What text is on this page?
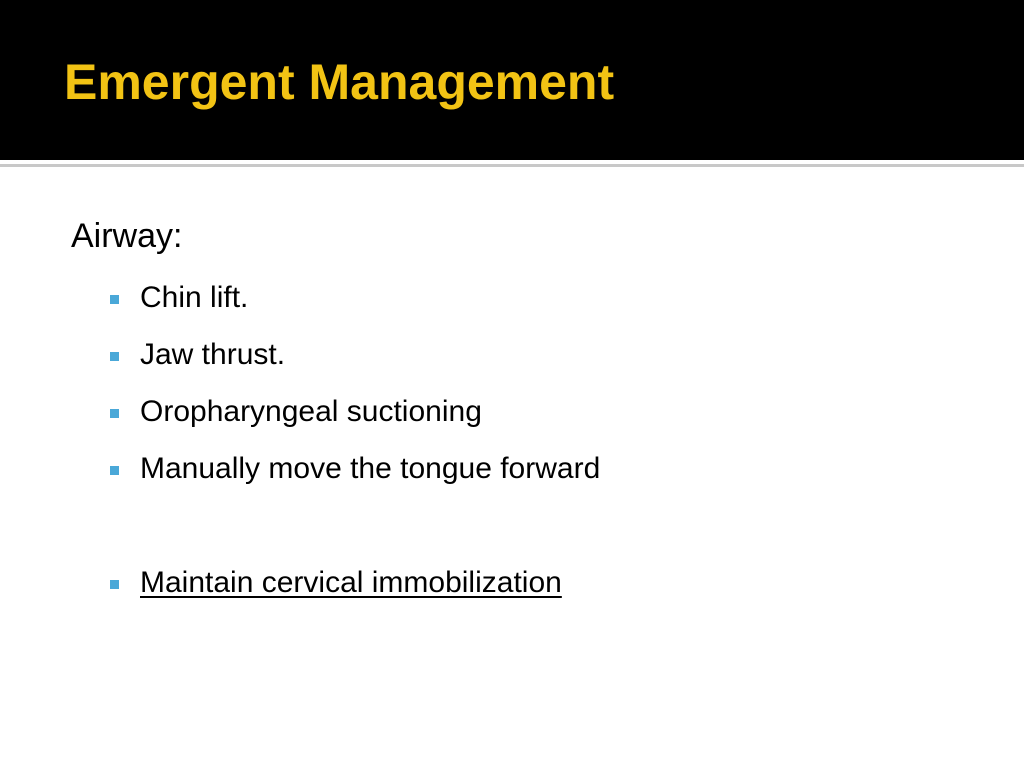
Emergent Management
Airway:
Chin lift.
Jaw thrust.
Oropharyngeal suctioning
Manually move the tongue forward
Maintain cervical immobilization
